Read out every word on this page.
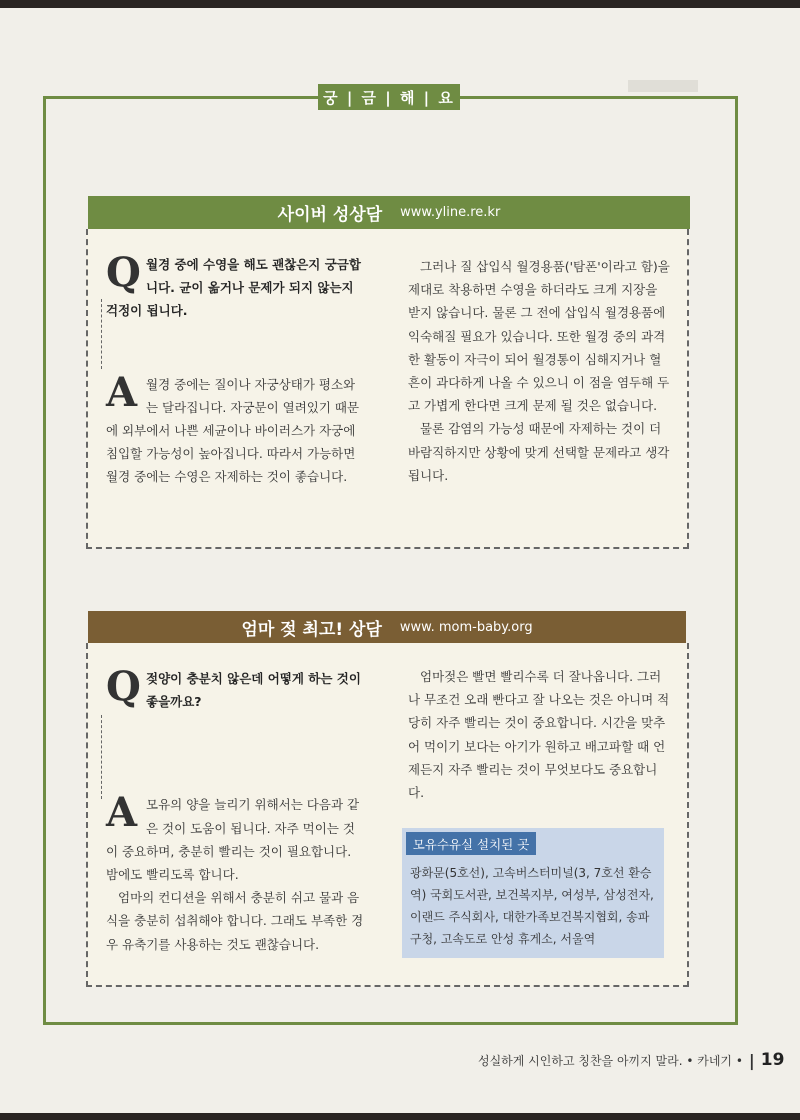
궁 | 금 | 해 | 요
사이버 성상담 www.yline.re.kr
Q 월경 중에 수영을 해도 괜찮은지 궁금합니다. 균이 옮거나 문제가 되지 않는지 걱정이 됩니다.
A 월경 중에는 질이나 자궁상태가 평소와는 달라집니다. 자궁문이 열려있기 때문에 외부에서 나쁜 세균이나 바이러스가 자궁에 침입할 가능성이 높아집니다. 따라서 가능하면 월경 중에는 수영은 자제하는 것이 좋습니다.

그러나 질 삽입식 월경용품('탐폰'이라고 함)을 제대로 착용하면 수영을 하더라도 크게 지장을 받지 않습니다. 물론 그 전에 삽입식 월경용품에 익숙해질 필요가 있습니다. 또한 월경 중의 과격한 활동이 자극이 되어 월경통이 심해지거나 혈흔이 과다하게 나올 수 있으니 이 점을 염두해 두고 가볍게 한다면 크게 문제 될 것은 없습니다.

물론 감염의 가능성 때문에 자제하는 것이 더 바람직하지만 상황에 맞게 선택할 문제라고 생각됩니다.

엄마 젖 최고! 상담 www. mom-baby.org
Q 젖양이 충분치 않은데 어떻게 하는 것이 좋을까요?
A 모유의 양을 늘리기 위해서는 다음과 같은 것이 도움이 됩니다. 자주 먹이는 것이 중요하며, 충분히 빨리는 것이 필요합니다. 밤에도 빨리도록 합니다.

엄마의 컨디션을 위해서 충분히 쉬고 물과 음식을 충분히 섭취해야 합니다. 그래도 부족한 경우 유축기를 사용하는 것도 괜찮습니다.

엄마젖은 빨면 빨리수록 더 잘나옵니다. 그러나 무조건 오래 빤다고 잘 나오는 것은 아니며 적당히 자주 빨리는 것이 중요합니다. 시간을 맞추어 먹이기 보다는 아기가 원하고 배고파할 때 언제든지 자주 빨리는 것이 무엇보다도 중요합니다.

모유수유실 설치된 곳
광화문(5호선), 고속버스터미널(3, 7호선 환승역) 국회도서관, 보건복지부, 여성부, 삼성전자, 이랜드 주식회사, 대한가족보건복지협회, 송파구청, 고속도로 안성 휴게소, 서울역
성실하게 시인하고 칭찬을 아끼지 말라. • 카네기 • | 19
